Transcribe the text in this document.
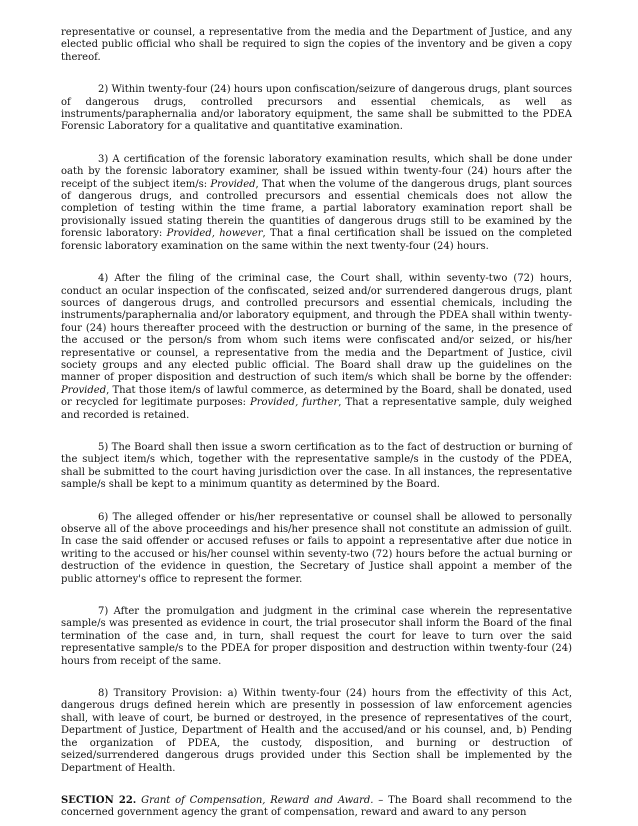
representative or counsel, a representative from the media and the Department of Justice, and any elected public official who shall be required to sign the copies of the inventory and be given a copy thereof.

2) Within twenty-four (24) hours upon confiscation/seizure of dangerous drugs, plant sources of dangerous drugs, controlled precursors and essential chemicals, as well as instruments/paraphernalia and/or laboratory equipment, the same shall be submitted to the PDEA Forensic Laboratory for a qualitative and quantitative examination.

3) A certification of the forensic laboratory examination results, which shall be done under oath by the forensic laboratory examiner, shall be issued within twenty-four (24) hours after the receipt of the subject item/s: Provided, That when the volume of the dangerous drugs, plant sources of dangerous drugs, and controlled precursors and essential chemicals does not allow the completion of testing within the time frame, a partial laboratory examination report shall be provisionally issued stating therein the quantities of dangerous drugs still to be examined by the forensic laboratory: Provided, however, That a final certification shall be issued on the completed forensic laboratory examination on the same within the next twenty-four (24) hours.

4) After the filing of the criminal case, the Court shall, within seventy-two (72) hours, conduct an ocular inspection of the confiscated, seized and/or surrendered dangerous drugs, plant sources of dangerous drugs, and controlled precursors and essential chemicals, including the instruments/paraphernalia and/or laboratory equipment, and through the PDEA shall within twenty-four (24) hours thereafter proceed with the destruction or burning of the same, in the presence of the accused or the person/s from whom such items were confiscated and/or seized, or his/her representative or counsel, a representative from the media and the Department of Justice, civil society groups and any elected public official. The Board shall draw up the guidelines on the manner of proper disposition and destruction of such item/s which shall be borne by the offender: Provided, That those item/s of lawful commerce, as determined by the Board, shall be donated, used or recycled for legitimate purposes: Provided, further, That a representative sample, duly weighed and recorded is retained.

5) The Board shall then issue a sworn certification as to the fact of destruction or burning of the subject item/s which, together with the representative sample/s in the custody of the PDEA, shall be submitted to the court having jurisdiction over the case. In all instances, the representative sample/s shall be kept to a minimum quantity as determined by the Board.

6) The alleged offender or his/her representative or counsel shall be allowed to personally observe all of the above proceedings and his/her presence shall not constitute an admission of guilt. In case the said offender or accused refuses or fails to appoint a representative after due notice in writing to the accused or his/her counsel within seventy-two (72) hours before the actual burning or destruction of the evidence in question, the Secretary of Justice shall appoint a member of the public attorney's office to represent the former.

7) After the promulgation and judgment in the criminal case wherein the representative sample/s was presented as evidence in court, the trial prosecutor shall inform the Board of the final termination of the case and, in turn, shall request the court for leave to turn over the said representative sample/s to the PDEA for proper disposition and destruction within twenty-four (24) hours from receipt of the same.

8) Transitory Provision: a) Within twenty-four (24) hours from the effectivity of this Act, dangerous drugs defined herein which are presently in possession of law enforcement agencies shall, with leave of court, be burned or destroyed, in the presence of representatives of the court, Department of Justice, Department of Health and the accused/and or his counsel, and, b) Pending the organization of PDEA, the custody, disposition, and burning or destruction of seized/surrendered dangerous drugs provided under this Section shall be implemented by the Department of Health.

SECTION 22. Grant of Compensation, Reward and Award. – The Board shall recommend to the concerned government agency the grant of compensation, reward and award to any person
